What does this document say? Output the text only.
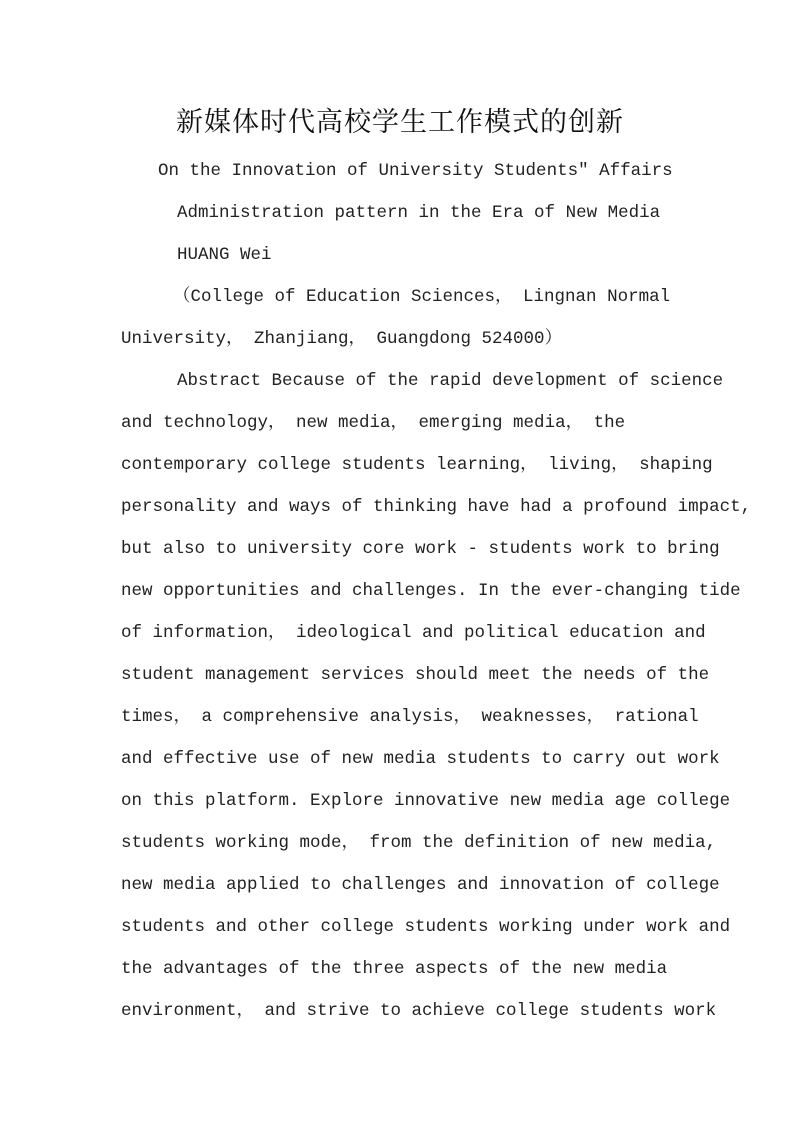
新媒体时代高校学生工作模式的创新
On the Innovation of University Students" Affairs
Administration pattern in the Era of New Media
HUANG Wei
（College of Education Sciences， Lingnan Normal
University， Zhanjiang， Guangdong 524000）
Abstract Because of the rapid development of science
and technology， new media， emerging media， the
contemporary college students learning， living， shaping
personality and ways of thinking have had a profound impact,
but also to university core work - students work to bring
new opportunities and challenges. In the ever-changing tide
of information， ideological and political education and
student management services should meet the needs of the
times， a comprehensive analysis， weaknesses， rational
and effective use of new media students to carry out work
on this platform. Explore innovative new media age college
students working mode， from the definition of new media,
new media applied to challenges and innovation of college
students and other college students working under work and
the advantages of the three aspects of the new media
environment， and strive to achieve college students work
